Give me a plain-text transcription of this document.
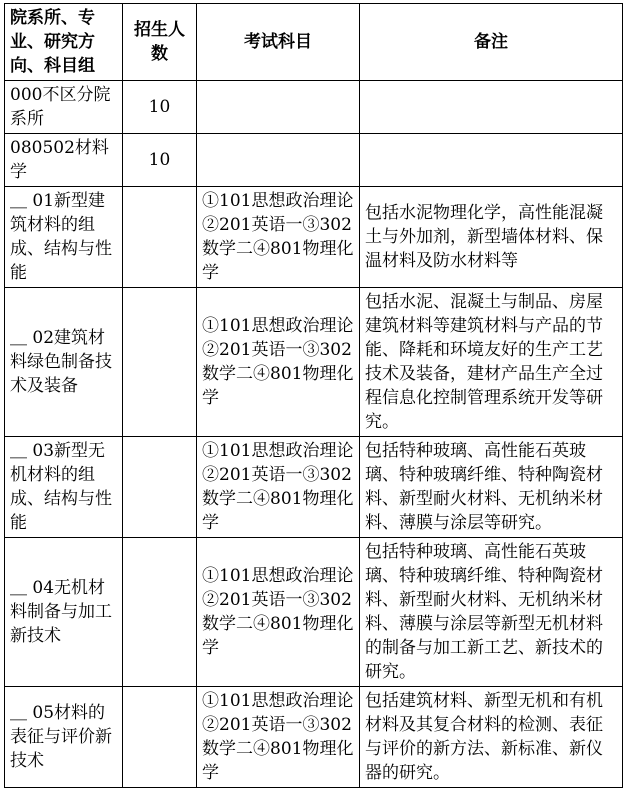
院系所、专业、研究方向、科目组	招生人数	考试科目	备注
000不区分院系所	10		
080502材料学	10		
＿ 01新型建筑材料的组成、结构与性能		①101思想政治理论②201英语一③302数学二④801物理化学	包括水泥物理化学，高性能混凝土与外加剂，新型墙体材料、保温材料及防水材料等
＿ 02建筑材料绿色制备技术及装备		①101思想政治理论②201英语一③302数学二④801物理化学	包括水泥、混凝土与制品、房屋建筑材料等建筑材料与产品的节能、降耗和环境友好的生产工艺技术及装备，建材产品生产全过程信息化控制管理系统开发等研究。
＿ 03新型无机材料的组成、结构与性能		①101思想政治理论②201英语一③302数学二④801物理化学	包括特种玻璃、高性能石英玻璃、特种玻璃纤维、特种陶瓷材料、新型耐火材料、无机纳米材料、薄膜与涂层等研究。
＿ 04无机材料制备与加工新技术		①101思想政治理论②201英语一③302数学二④801物理化学	包括特种玻璃、高性能石英玻璃、特种玻璃纤维、特种陶瓷材料、新型耐火材料、无机纳米材料、薄膜与涂层等新型无机材料的制备与加工新工艺、新技术的研究。
＿ 05材料的表征与评价新技术		①101思想政治理论②201英语一③302数学二④801物理化学	包括建筑材料、新型无机和有机材料及其复合材料的检测、表征与评价的新方法、新标准、新仪器的研究。
